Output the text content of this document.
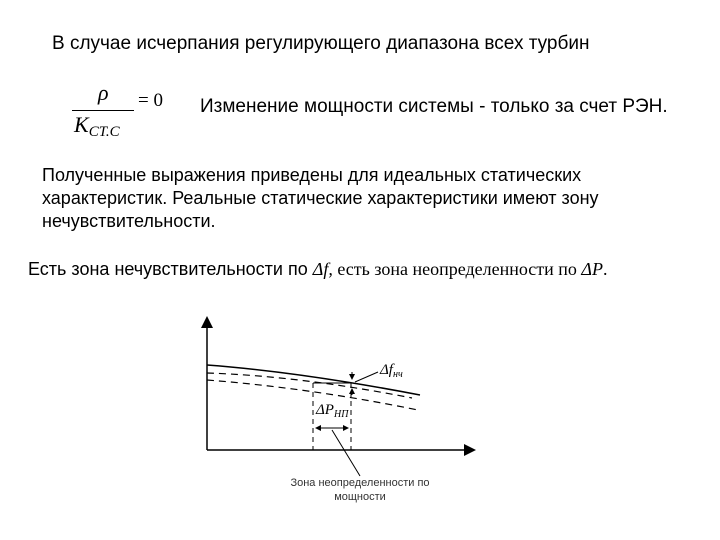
В случае исчерпания регулирующего диапазона всех турбин
ρ = 0
$K_{CT.C}$
Изменение мощности системы - только за счет РЭН.
Полученные выражения приведены для идеальных статических
характеристик. Реальные статические характеристики имеют зону
нечувствительности.
Есть зона нечувствительности по Δf, есть зона неопределенности по ΔP.
$\Delta f_{нч}$
$\Delta P_{НП}$
Зона неопределенности по
мощности
